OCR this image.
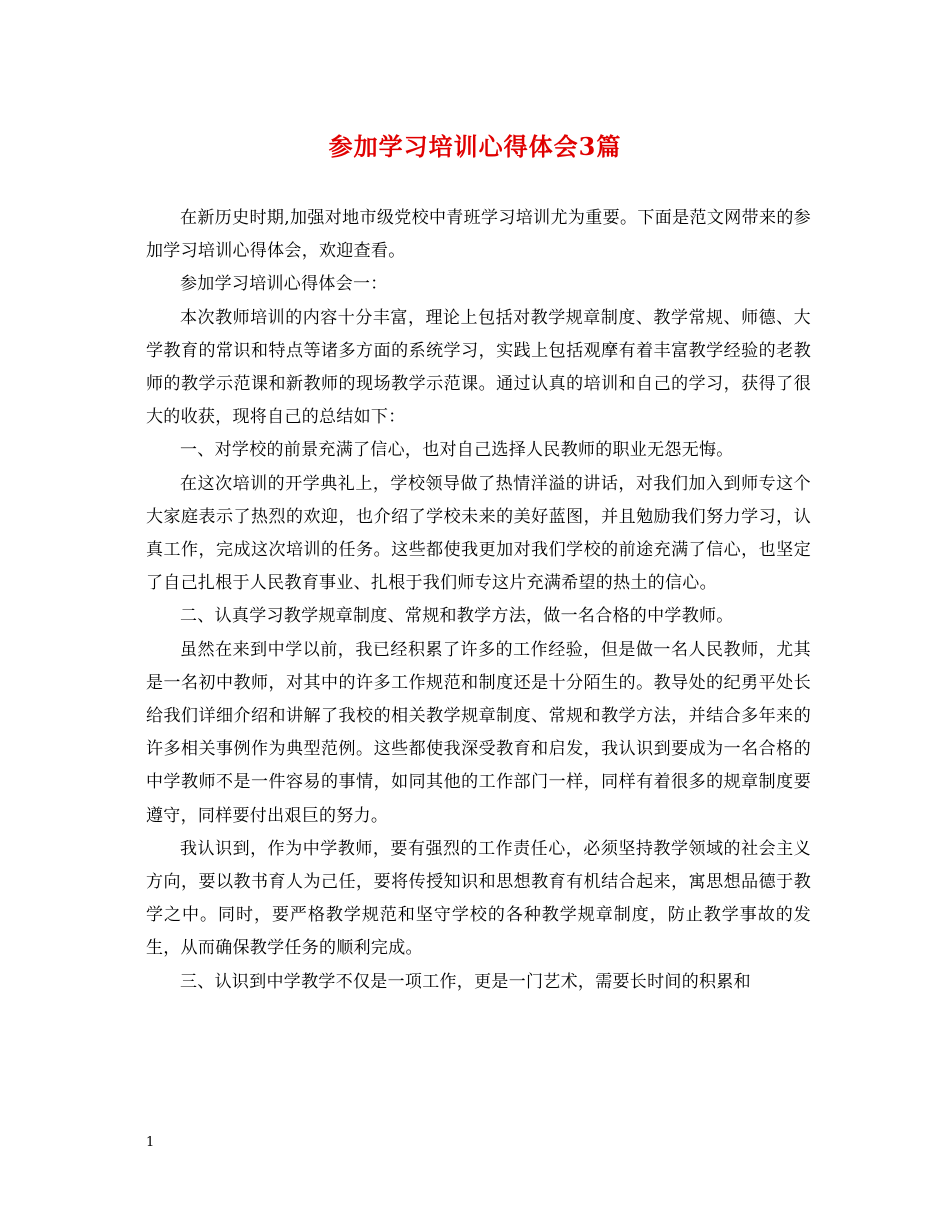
参加学习培训心得体会3篇

在新历史时期,加强对地市级党校中青班学习培训尤为重要。下面是范文网带来的参加学习培训心得体会，欢迎查看。

参加学习培训心得体会一：

本次教师培训的内容十分丰富，理论上包括对教学规章制度、教学常规、师德、大学教育的常识和特点等诸多方面的系统学习，实践上包括观摩有着丰富教学经验的老教师的教学示范课和新教师的现场教学示范课。通过认真的培训和自己的学习，获得了很大的收获，现将自己的总结如下：

一、对学校的前景充满了信心，也对自己选择人民教师的职业无怨无悔。

在这次培训的开学典礼上，学校领导做了热情洋溢的讲话，对我们加入到师专这个大家庭表示了热烈的欢迎，也介绍了学校未来的美好蓝图，并且勉励我们努力学习，认真工作，完成这次培训的任务。这些都使我更加对我们学校的前途充满了信心，也坚定了自己扎根于人民教育事业、扎根于我们师专这片充满希望的热土的信心。

二、认真学习教学规章制度、常规和教学方法，做一名合格的中学教师。

虽然在来到中学以前，我已经积累了许多的工作经验，但是做一名人民教师，尤其是一名初中教师，对其中的许多工作规范和制度还是十分陌生的。教导处的纪勇平处长给我们详细介绍和讲解了我校的相关教学规章制度、常规和教学方法，并结合多年来的许多相关事例作为典型范例。这些都使我深受教育和启发，我认识到要成为一名合格的中学教师不是一件容易的事情，如同其他的工作部门一样，同样有着很多的规章制度要遵守，同样要付出艰巨的努力。

我认识到，作为中学教师，要有强烈的工作责任心，必须坚持教学领域的社会主义方向，要以教书育人为己任，要将传授知识和思想教育有机结合起来，寓思想品德于教学之中。同时，要严格教学规范和坚守学校的各种教学规章制度，防止教学事故的发生，从而确保教学任务的顺利完成。

三、认识到中学教学不仅是一项工作，更是一门艺术，需要长时间的积累和

1
